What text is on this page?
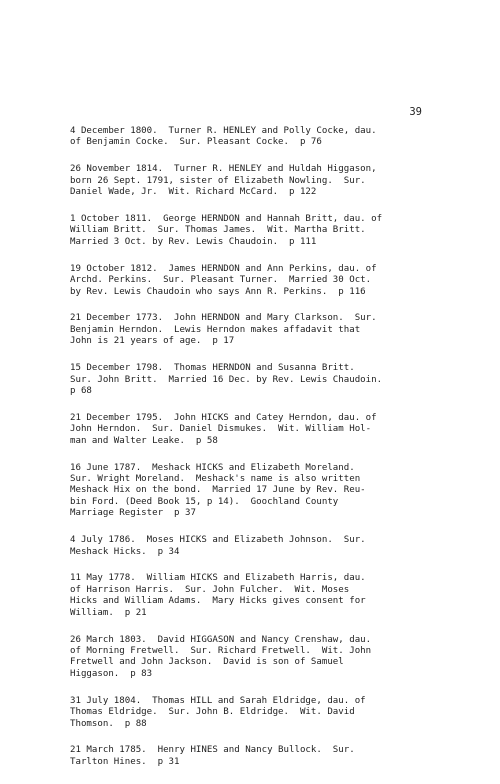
39
4 December 1800.  Turner R. HENLEY and Polly Cocke, dau.
of Benjamin Cocke.  Sur. Pleasant Cocke.  p 76
26 November 1814.  Turner R. HENLEY and Huldah Higgason,
born 26 Sept. 1791, sister of Elizabeth Nowling.  Sur.
Daniel Wade, Jr.  Wit. Richard McCard.  p 122
1 October 1811.  George HERNDON and Hannah Britt, dau. of
William Britt.  Sur. Thomas James.  Wit. Martha Britt.
Married 3 Oct. by Rev. Lewis Chaudoin.  p 111
19 October 1812.  James HERNDON and Ann Perkins, dau. of
Archd. Perkins.  Sur. Pleasant Turner.  Married 30 Oct.
by Rev. Lewis Chaudoin who says Ann R. Perkins.  p 116
21 December 1773.  John HERNDON and Mary Clarkson.  Sur.
Benjamin Herndon.  Lewis Herndon makes affadavit that
John is 21 years of age.  p 17
15 December 1798.  Thomas HERNDON and Susanna Britt.
Sur. John Britt.  Married 16 Dec. by Rev. Lewis Chaudoin.
p 68
21 December 1795.  John HICKS and Catey Herndon, dau. of
John Herndon.  Sur. Daniel Dismukes.  Wit. William Hol-
man and Walter Leake.  p 58
16 June 1787.  Meshack HICKS and Elizabeth Moreland.
Sur. Wright Moreland.  Meshack's name is also written
Meshack Hix on the bond.  Married 17 June by Rev. Reu-
bin Ford. (Deed Book 15, p 14).  Goochland County
Marriage Register  p 37
4 July 1786.  Moses HICKS and Elizabeth Johnson.  Sur.
Meshack Hicks.  p 34
11 May 1778.  William HICKS and Elizabeth Harris, dau.
of Harrison Harris.  Sur. John Fulcher.  Wit. Moses
Hicks and William Adams.  Mary Hicks gives consent for
William.  p 21
26 March 1803.  David HIGGASON and Nancy Crenshaw, dau.
of Morning Fretwell.  Sur. Richard Fretwell.  Wit. John
Fretwell and John Jackson.  David is son of Samuel
Higgason.  p 83
31 July 1804.  Thomas HILL and Sarah Eldridge, dau. of
Thomas Eldridge.  Sur. John B. Eldridge.  Wit. David
Thomson.  p 88
21 March 1785.  Henry HINES and Nancy Bullock.  Sur.
Tarlton Hines.  p 31
